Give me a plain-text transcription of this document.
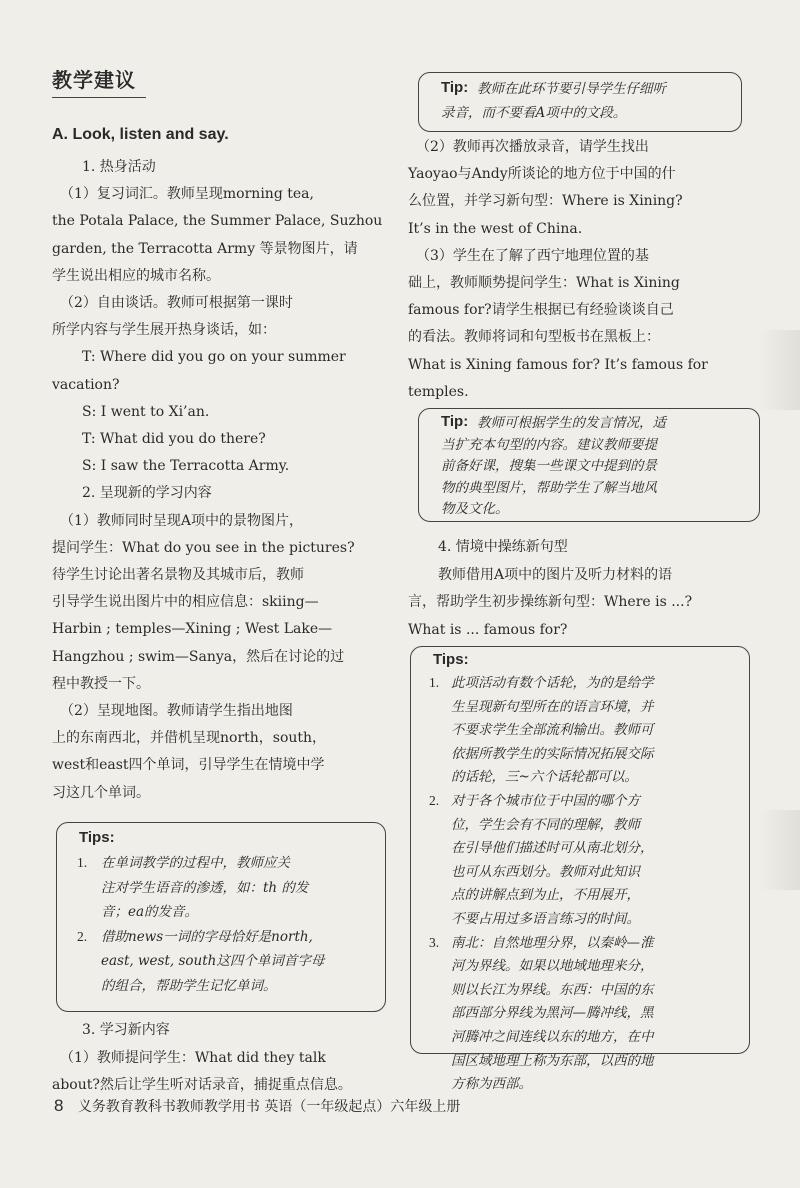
教学建议
A. Look, listen and say.
1. 热身活动
（1）复习词汇。教师呈现morning tea,
the Potala Palace, the Summer Palace, Suzhou
garden, the Terracotta Army 等景物图片，请
学生说出相应的城市名称。
（2）自由谈话。教师可根据第一课时
所学内容与学生展开热身谈话，如：
T: Where did you go on your summer
vacation?
S: I went to Xi’an.
T: What did you do there?
S: I saw the Terracotta Army.
2. 呈现新的学习内容
（1）教师同时呈现A项中的景物图片，
提问学生：What do you see in the pictures?
待学生讨论出著名景物及其城市后，教师
引导学生说出图片中的相应信息：skiing—
Harbin ; temples—Xining ; West Lake—
Hangzhou ; swim—Sanya，然后在讨论的过
程中教授一下。
（2）呈现地图。教师请学生指出地图
上的东南西北，并借机呈现north，south，
west和east四个单词，引导学生在情境中学
习这几个单词。
Tips:
1. 在单词教学的过程中，教师应关
注对学生语音的渗透，如：th 的发
音；ea的发音。
2. 借助news一词的字母恰好是north,
east, west, south这四个单词首字母
的组合，帮助学生记忆单词。
3. 学习新内容
（1）教师提问学生：What did they talk
about?然后让学生听对话录音，捕捉重点信息。
Tip: 教师在此环节要引导学生仔细听
录音，而不要看A项中的文段。
（2）教师再次播放录音，请学生找出
Yaoyao与Andy所谈论的地方位于中国的什
么位置，并学习新句型：Where is Xining?
It’s in the west of China.
（3）学生在了解了西宁地理位置的基
础上，教师顺势提问学生：What is Xining
famous for?请学生根据已有经验谈谈自己
的看法。教师将词和句型板书在黑板上：
What is Xining famous for? It’s famous for
temples.
Tip: 教师可根据学生的发言情况，适
当扩充本句型的内容。建议教师要提
前备好课，搜集一些课文中提到的景
物的典型图片，帮助学生了解当地风
物及文化。
4. 情境中操练新句型
教师借用A项中的图片及听力材料的语
言，帮助学生初步操练新句型：Where is ...?
What is ... famous for?
Tips:
1. 此项活动有数个话轮，为的是给学
生呈现新句型所在的语言环境，并
不要求学生全部流利输出。教师可
依据所教学生的实际情况拓展交际
的话轮，三~六个话轮都可以。
2. 对于各个城市位于中国的哪个方
位，学生会有不同的理解，教师
在引导他们描述时可从南北划分，
也可从东西划分。教师对此知识
点的讲解点到为止，不用展开，
不要占用过多语言练习的时间。
3. 南北：自然地理分界，以秦岭—淮
河为界线。如果以地域地理来分，
则以长江为界线。东西：中国的东
部西部分界线为黑河—腾冲线，黑
河腾冲之间连线以东的地方，在中
国区域地理上称为东部，以西的地
方称为西部。
8 义务教育教科书教师教学用书 英语（一年级起点）六年级上册
